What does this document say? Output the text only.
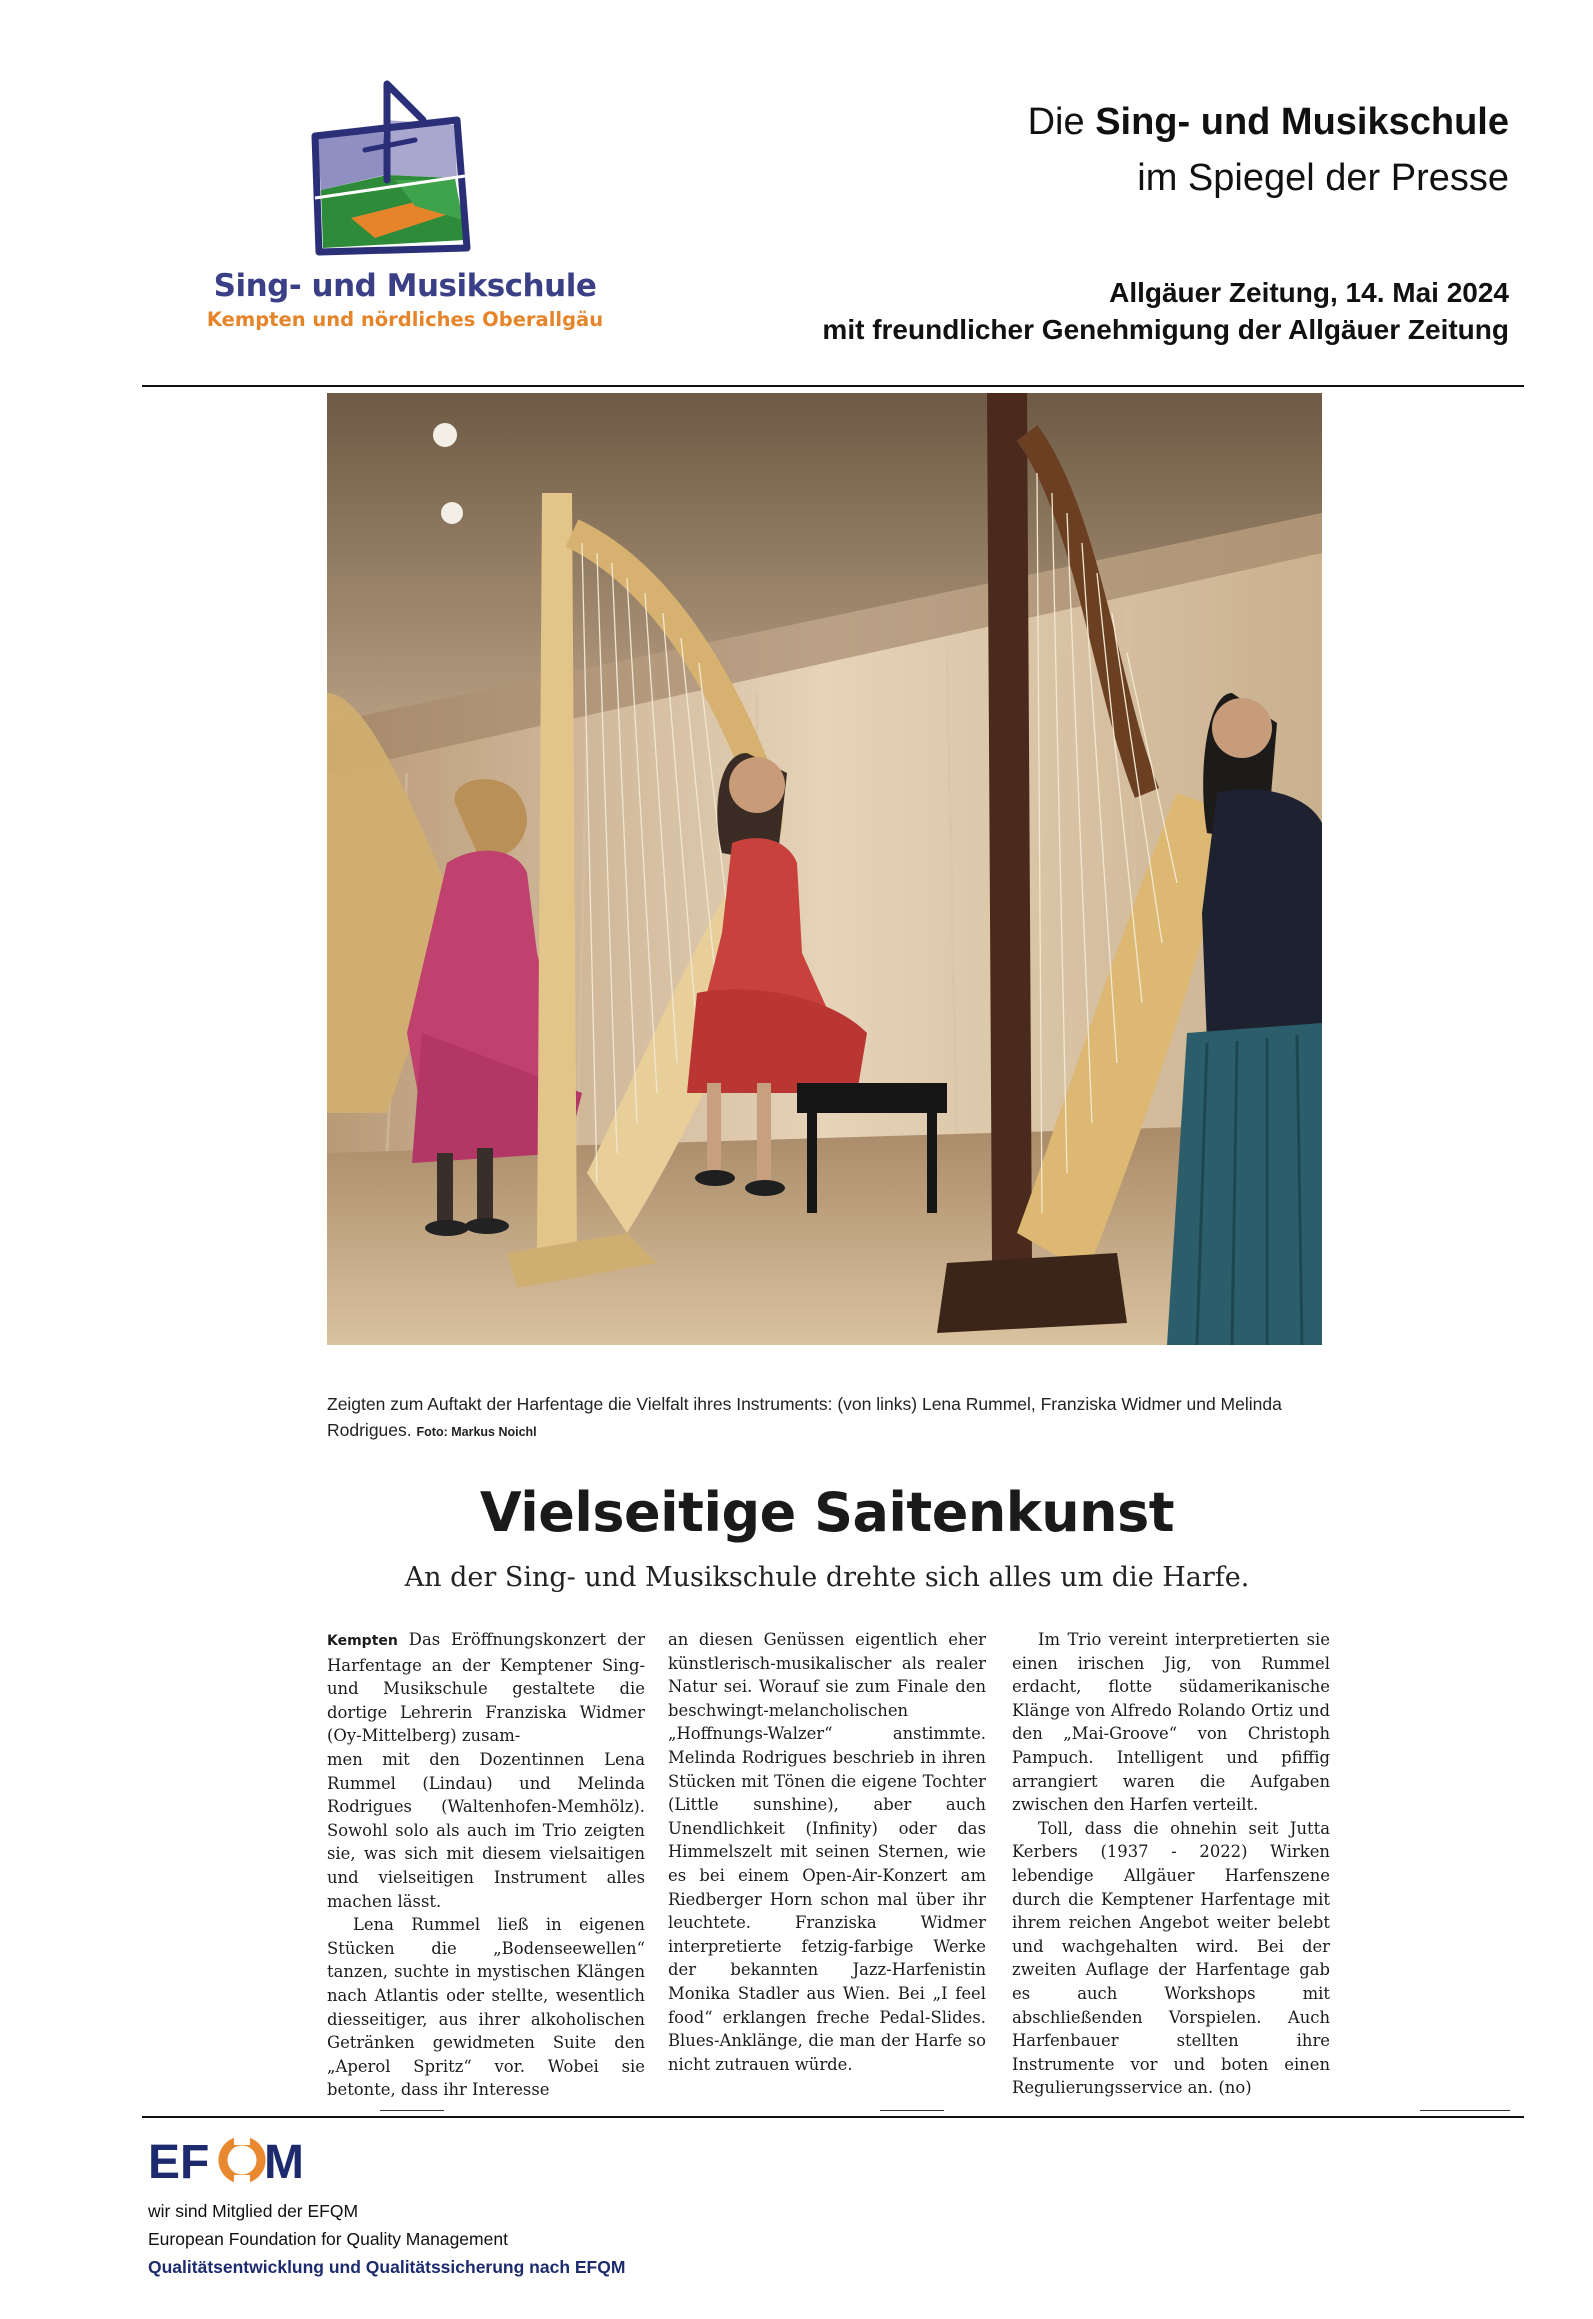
Sing- und Musikschule
Kempten und nördliches Oberallgäu
Die Sing- und Musikschule
im Spiegel der Presse
Allgäuer Zeitung, 14. Mai 2024
mit freundlicher Genehmigung der Allgäuer Zeitung
Zeigten zum Auftakt der Harfentage die Vielfalt ihres Instruments: (von links) Lena Rummel, Franziska Widmer und Melinda Rodrigues. Foto: Markus Noichl
Vielseitige Saitenkunst
An der Sing- und Musikschule drehte sich alles um die Harfe.

Kempten Das Eröffnungskonzert der Harfentage an der Kemptener Sing- und Musikschule gestaltete die dortige Lehrerin Franziska Widmer (Oy-Mittelberg) zusam-
men mit den Dozentinnen Lena Rummel (Lindau) und Melinda Rodrigues (Waltenhofen-Memhölz). Sowohl solo als auch im Trio zeigten sie, was sich mit diesem vielsaitigen und vielseitigen Instrument alles machen lässt.

Lena Rummel ließ in eigenen Stücken die „Bodenseewellen“ tanzen, suchte in mystischen Klängen nach Atlantis oder stellte, wesentlich diesseitiger, aus ihrer alkoholischen Getränken gewidmeten Suite den „Aperol Spritz“ vor. Wobei sie betonte, dass ihr Interesse

an diesen Genüssen eigentlich eher künstlerisch-musikalischer als realer Natur sei. Worauf sie zum Finale den beschwingt-melancholischen „Hoffnungs-Walzer“ anstimmte. Melinda Rodrigues beschrieb in ihren Stücken mit Tönen die eigene Tochter (Little sunshine), aber auch Unendlichkeit (Infinity) oder das Himmelszelt mit seinen Sternen, wie es bei einem Open-Air-Konzert am Riedberger Horn schon mal über ihr leuchtete. Franziska Widmer interpretierte fetzig-farbige Werke der bekannten Jazz-Harfenistin Monika Stadler aus Wien. Bei „I feel food“ erklangen freche Pedal-Slides. Blues-Anklänge, die man der Harfe so nicht zutrauen würde.

Im Trio vereint interpretierten sie einen irischen Jig, von Rummel erdacht, flotte südamerikanische Klänge von Alfredo Rolando Ortiz und den „Mai-Groove“ von Christoph Pampuch. Intelligent und pfiffig arrangiert waren die Aufgaben zwischen den Harfen verteilt.

Toll, dass die ohnehin seit Jutta Kerbers (1937 - 2022) Wirken lebendige Allgäuer Harfenszene durch die Kemptener Harfentage mit ihrem reichen Angebot weiter belebt und wachgehalten wird. Bei der zweiten Auflage der Harfentage gab es auch Workshops mit abschließenden Vorspielen. Auch Harfenbauer stellten ihre Instrumente vor und boten einen Regulierungsservice an. (no)

EF M
wir sind Mitglied der EFQM
European Foundation for Quality Management
Qualitätsentwicklung und Qualitätssicherung nach EFQM
